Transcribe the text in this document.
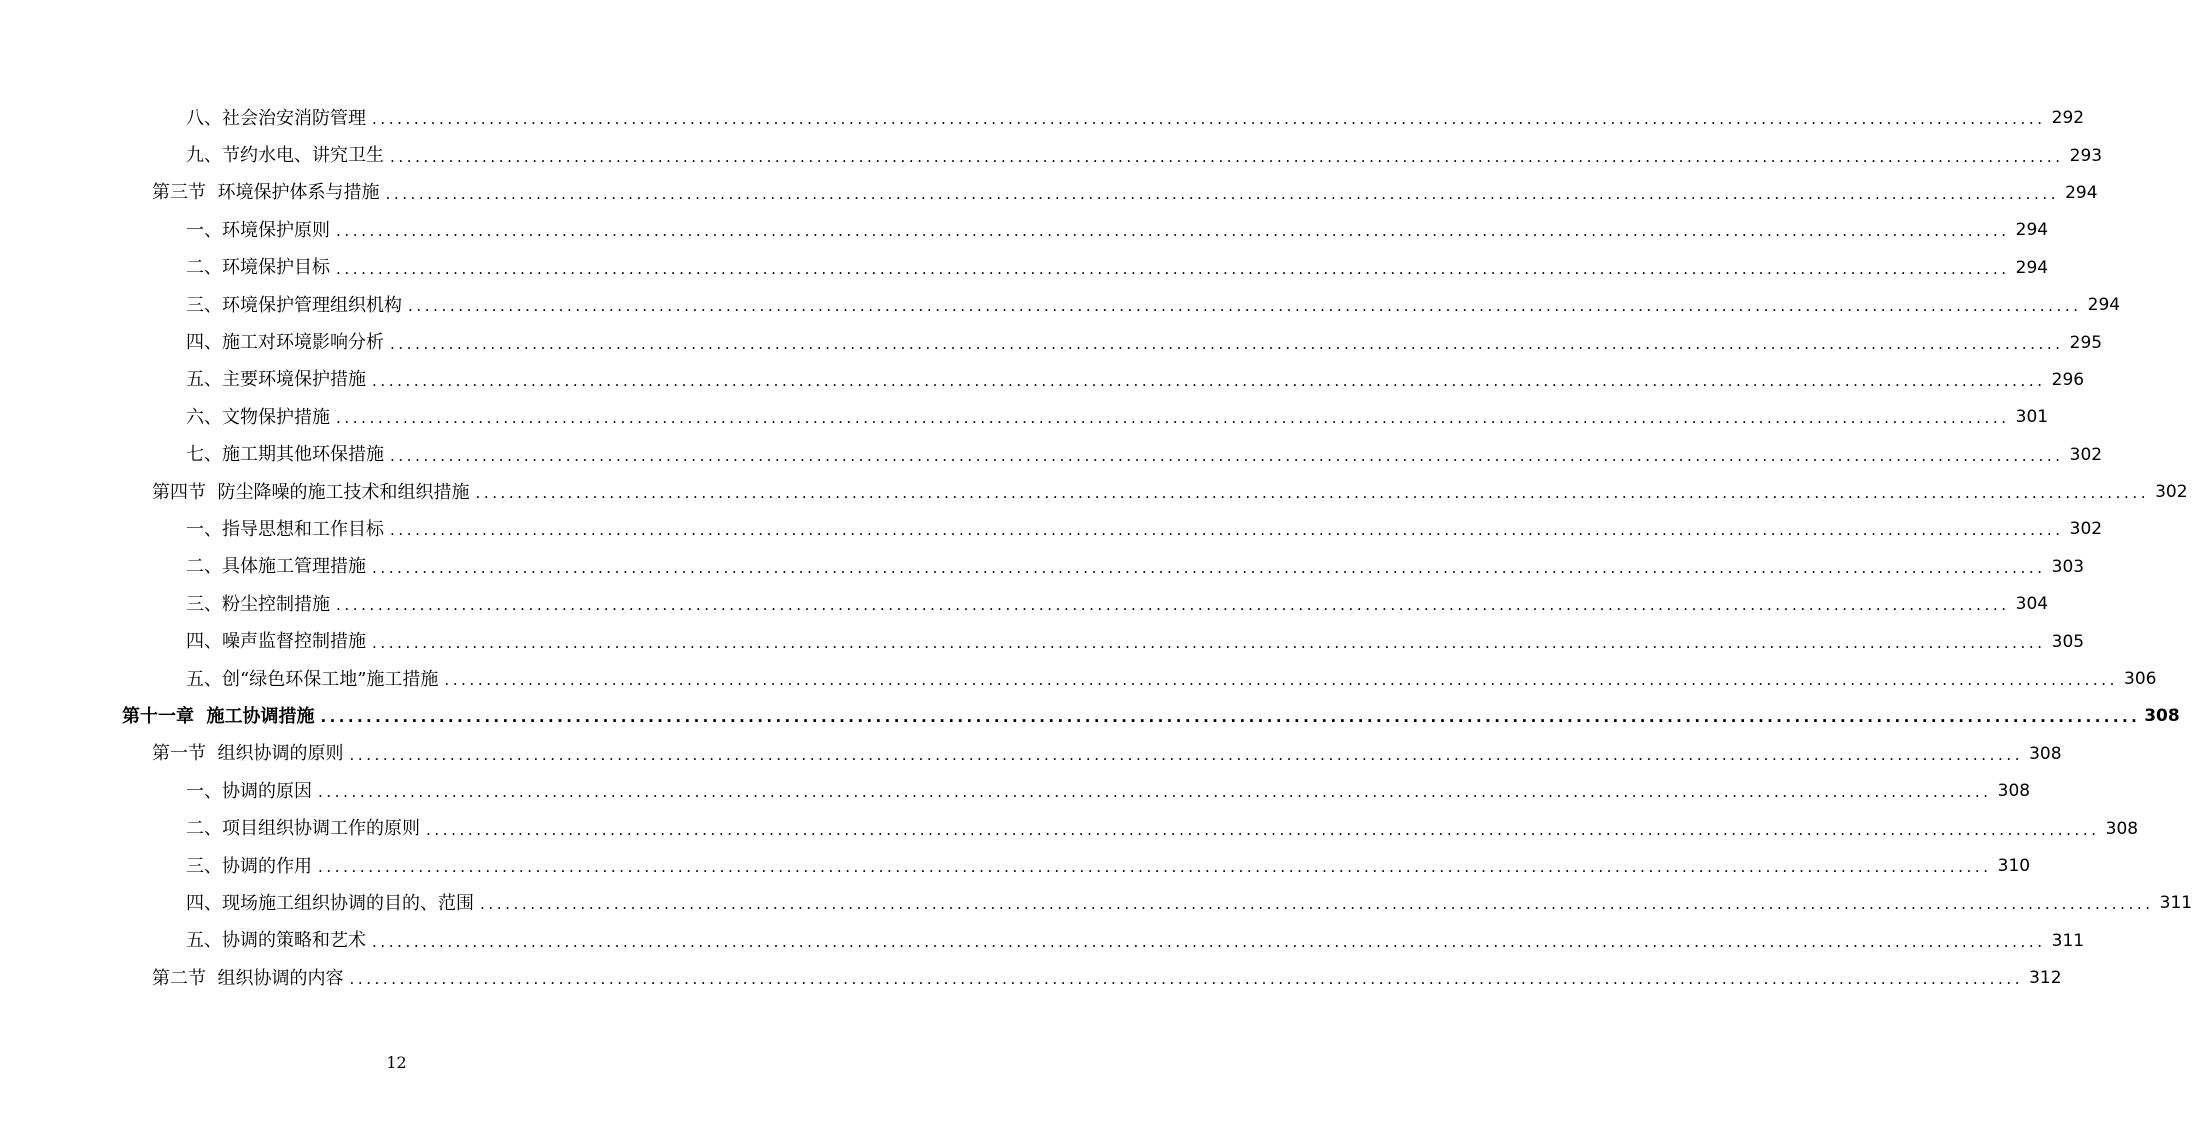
八、社会治安消防管理 ........................................................................................................................................................................................................ 292
九、节约水电、讲究卫生 ........................................................................................................................................................................................................ 293
第三节  环境保护体系与措施 ........................................................................................................................................................................................................ 294
一、环境保护原则 ........................................................................................................................................................................................................ 294
二、环境保护目标 ........................................................................................................................................................................................................ 294
三、环境保护管理组织机构 ........................................................................................................................................................................................................ 294
四、施工对环境影响分析 ........................................................................................................................................................................................................ 295
五、主要环境保护措施 ........................................................................................................................................................................................................ 296
六、文物保护措施 ........................................................................................................................................................................................................ 301
七、施工期其他环保措施 ........................................................................................................................................................................................................ 302
第四节  防尘降噪的施工技术和组织措施 ........................................................................................................................................................................................................ 302
一、指导思想和工作目标 ........................................................................................................................................................................................................ 302
二、具体施工管理措施 ........................................................................................................................................................................................................ 303
三、粉尘控制措施 ........................................................................................................................................................................................................ 304
四、噪声监督控制措施 ........................................................................................................................................................................................................ 305
五、创“绿色环保工地”施工措施 ........................................................................................................................................................................................................ 306
第十一章  施工协调措施 ........................................................................................................................................................................................................ 308
第一节  组织协调的原则 ........................................................................................................................................................................................................ 308
一、协调的原因 ........................................................................................................................................................................................................ 308
二、项目组织协调工作的原则 ........................................................................................................................................................................................................ 308
三、协调的作用 ........................................................................................................................................................................................................ 310
四、现场施工组织协调的目的、范围 ........................................................................................................................................................................................................ 311
五、协调的策略和艺术 ........................................................................................................................................................................................................ 311
第二节  组织协调的内容 ........................................................................................................................................................................................................ 312
12
